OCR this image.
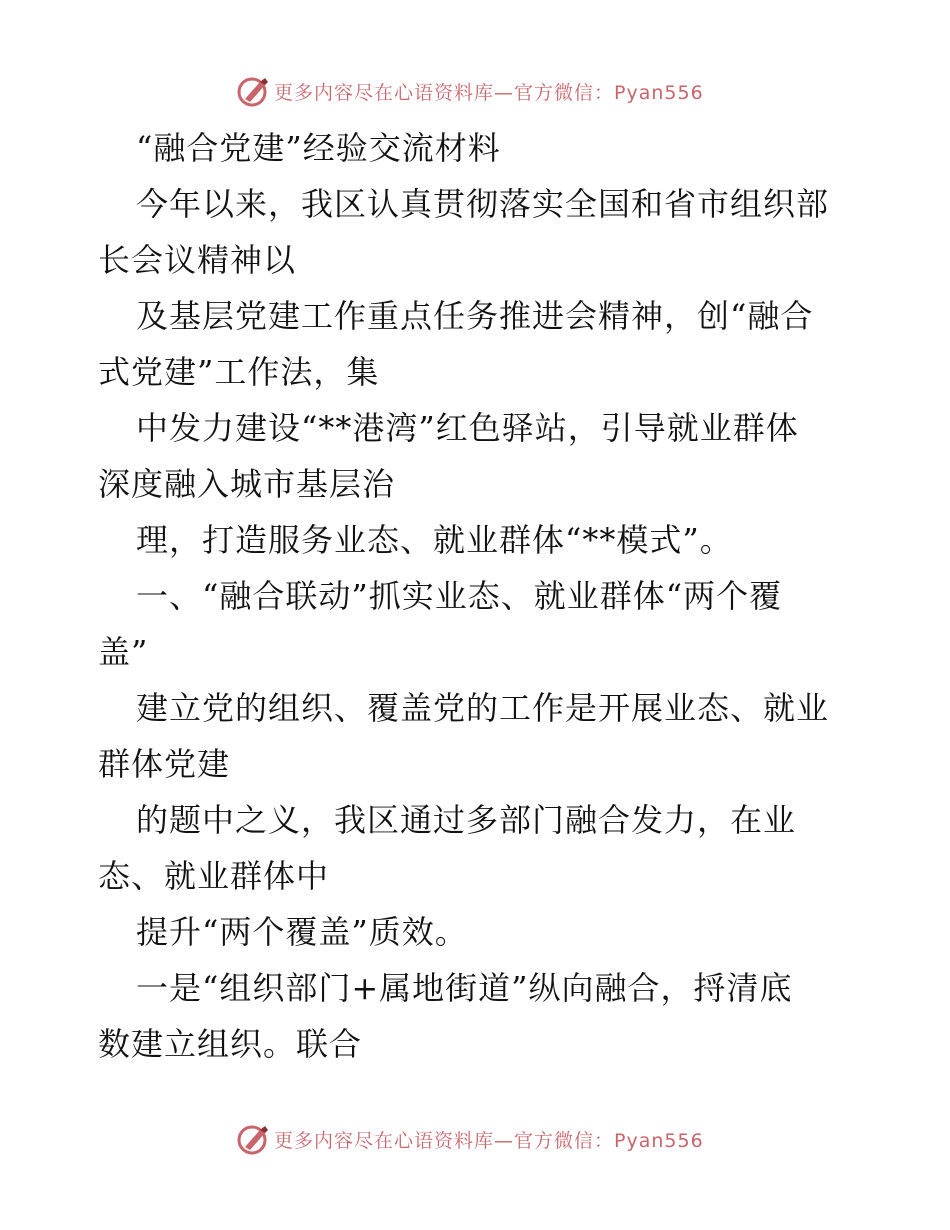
更多内容尽在心语资料库—官方微信：Pyan556
“融合党建”经验交流材料
今年以来，我区认真贯彻落实全国和省市组织部
长会议精神以
及基层党建工作重点任务推进会精神，创“融合
式党建”工作法，集
中发力建设“**港湾”红色驿站，引导就业群体
深度融入城市基层治
理，打造服务业态、就业群体“**模式”。
一、“融合联动”抓实业态、就业群体“两个覆
盖”
建立党的组织、覆盖党的工作是开展业态、就业
群体党建
的题中之义，我区通过多部门融合发力，在业
态、就业群体中
提升“两个覆盖”质效。
一是“组织部门+属地街道”纵向融合，捋清底
数建立组织。联合
更多内容尽在心语资料库—官方微信：Pyan556
